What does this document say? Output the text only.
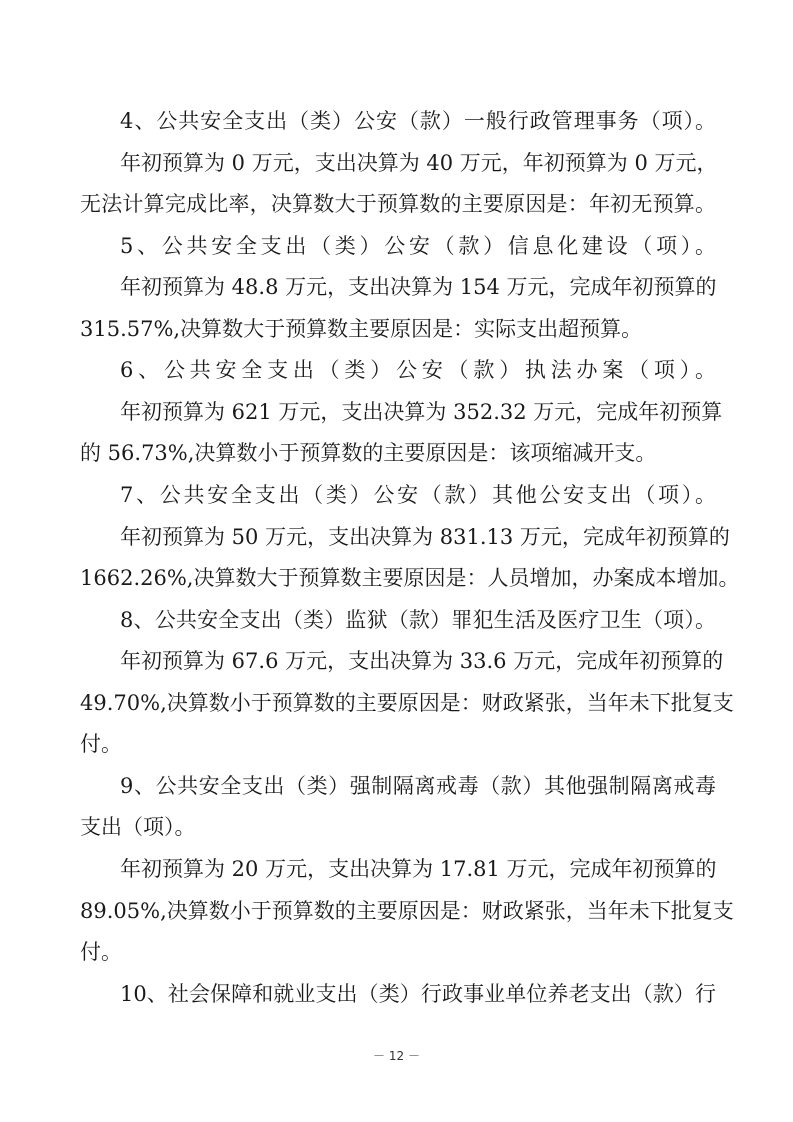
4、公共安全支出（类）公安（款）一般行政管理事务（项）。
年初预算为 0 万元，支出决算为 40 万元，年初预算为 0 万元，
无法计算完成比率，决算数大于预算数的主要原因是：年初无预算。
5、公共安全支出（类）公安（款）信息化建设（项）。
年初预算为 48.8 万元，支出决算为 154 万元，完成年初预算的
315.57%,决算数大于预算数主要原因是：实际支出超预算。
6、公共安全支出（类）公安（款）执法办案（项）。
年初预算为 621 万元，支出决算为 352.32 万元，完成年初预算
的 56.73%,决算数小于预算数的主要原因是：该项缩减开支。
7、公共安全支出（类）公安（款）其他公安支出（项）。
年初预算为 50 万元，支出决算为 831.13 万元，完成年初预算的
1662.26%,决算数大于预算数主要原因是：人员增加，办案成本增加。
8、公共安全支出（类）监狱（款）罪犯生活及医疗卫生（项）。
年初预算为 67.6 万元，支出决算为 33.6 万元，完成年初预算的
49.70%,决算数小于预算数的主要原因是：财政紧张，当年未下批复支
付。
9、公共安全支出（类）强制隔离戒毒（款）其他强制隔离戒毒
支出（项）。
年初预算为 20 万元，支出决算为 17.81 万元，完成年初预算的
89.05%,决算数小于预算数的主要原因是：财政紧张，当年未下批复支
付。
10、社会保障和就业支出（类）行政事业单位养老支出（款）行
－ 12 －
